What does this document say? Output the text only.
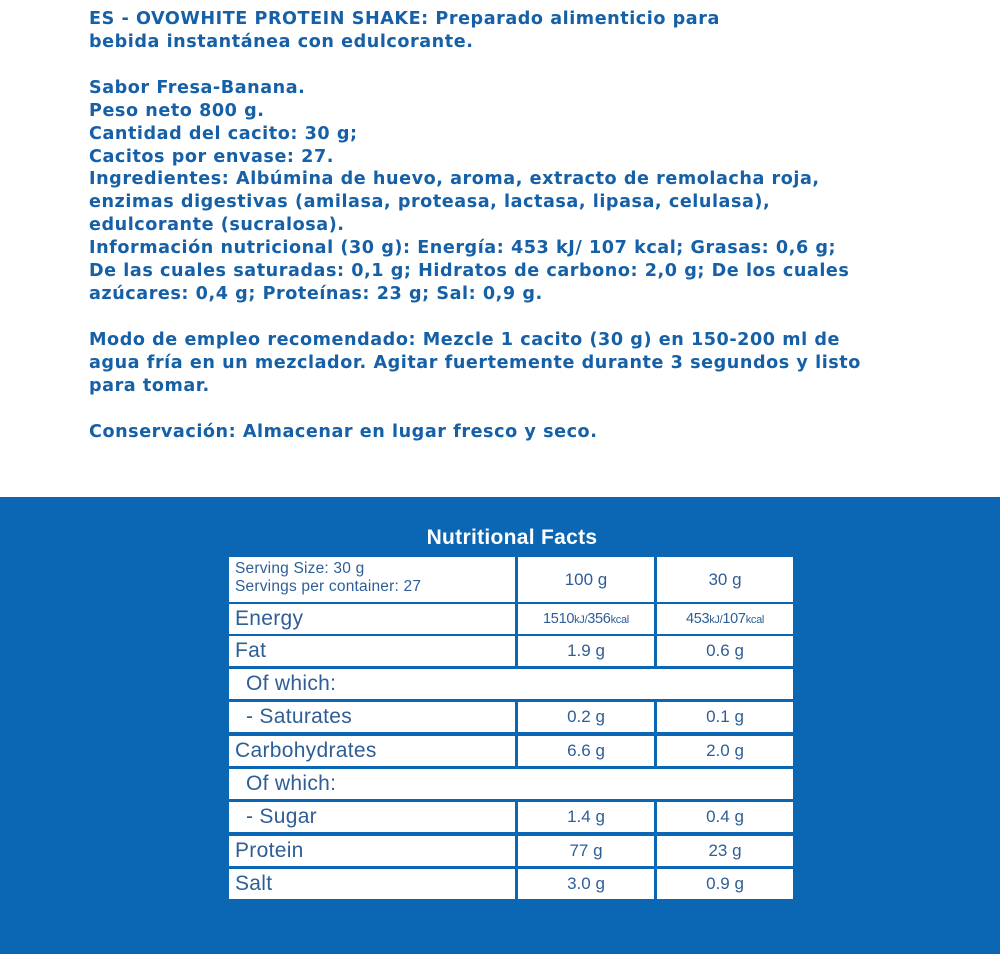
ES - OVOWHITE PROTEIN SHAKE: Preparado alimenticio para

bebida instantánea con edulcorante.

Sabor Fresa-Banana.

Peso neto 800 g.

Cantidad del cacito: 30 g;

Cacitos por envase: 27.

Ingredientes: Albúmina de huevo, aroma, extracto de remolacha roja,

enzimas digestivas (amilasa, proteasa, lactasa, lipasa, celulasa),

edulcorante (sucralosa).

Información nutricional (30 g): Energía: 453 kJ/ 107 kcal; Grasas: 0,6 g;

De las cuales saturadas: 0,1 g; Hidratos de carbono: 2,0 g; De los cuales

azúcares: 0,4 g; Proteínas: 23 g; Sal: 0,9 g.

Modo de empleo recomendado: Mezcle 1 cacito (30 g) en 150-200 ml de

agua fría en un mezclador. Agitar fuertemente durante 3 segundos y listo

para tomar.

Conservación: Almacenar en lugar fresco y seco.

Nutritional Facts
Serving Size: 30 g
Servings per container: 27	100 g	30 g
Energy	1510kJ/356kcal	453kJ/107kcal
Fat	1.9 g	0.6 g
Of which:
- Saturates	0.2 g	0.1 g
Carbohydrates	6.6 g	2.0 g
Of which:
- Sugar	1.4 g	0.4 g
Protein	77 g	23 g
Salt	3.0 g	0.9 g
